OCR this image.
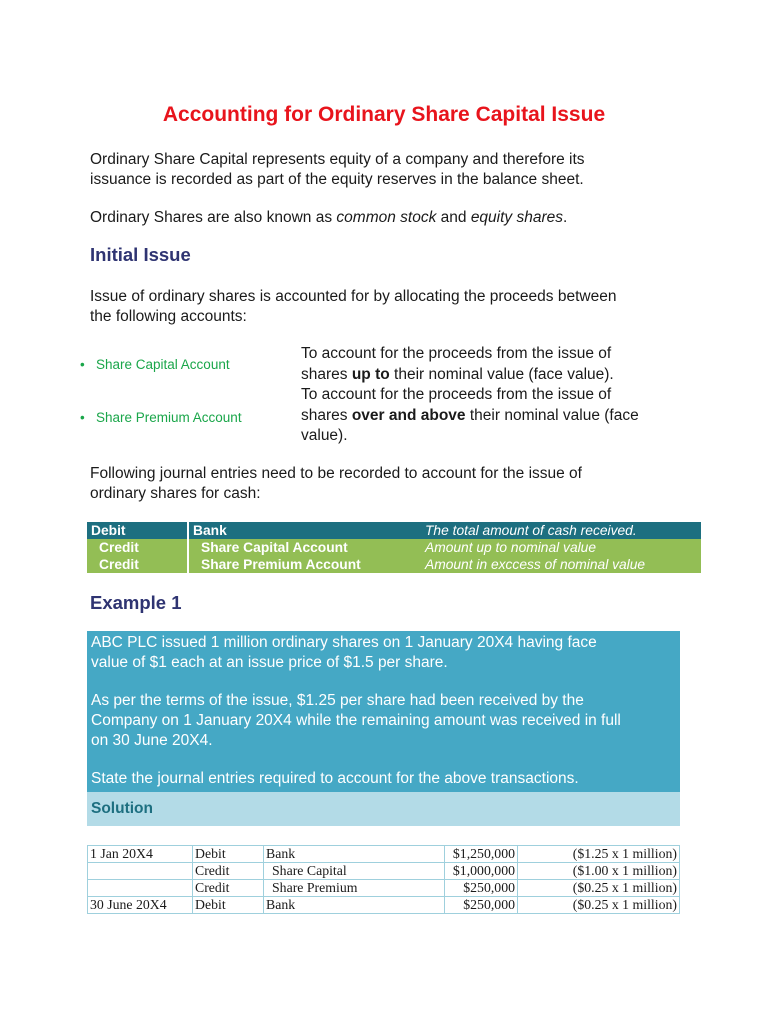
Accounting for Ordinary Share Capital Issue
Ordinary Share Capital represents equity of a company and therefore its
issuance is recorded as part of the equity reserves in the balance sheet.
Ordinary Shares are also known as common stock and equity shares.
Initial Issue
Issue of ordinary shares is accounted for by allocating the proceeds between
the following accounts:
• Share Capital Account
• Share Premium Account
To account for the proceeds from the issue of
shares up to their nominal value (face value).
To account for the proceeds from the issue of
shares over and above their nominal value (face
value).
Following journal entries need to be recorded to account for the issue of
ordinary shares for cash:
Debit	Bank	The total amount of cash received.
Credit	Share Capital Account	Amount up to nominal value
Credit	Share Premium Account	Amount in exccess of nominal value
Example 1

ABC PLC issued 1 million ordinary shares on 1 January 20X4 having face
value of $1 each at an issue price of $1.5 per share.

As per the terms of the issue, $1.25 per share had been received by the
Company on 1 January 20X4 while the remaining amount was received in full
on 30 June 20X4.

State the journal entries required to account for the above transactions.

Solution
1 Jan 20X4	Debit	Bank	$1,250,000	($1.25 x 1 million)
	Credit	Share Capital	$1,000,000	($1.00 x 1 million)
	Credit	Share Premium	$250,000	($0.25 x 1 million)
30 June 20X4	Debit	Bank	$250,000	($0.25 x 1 million)
